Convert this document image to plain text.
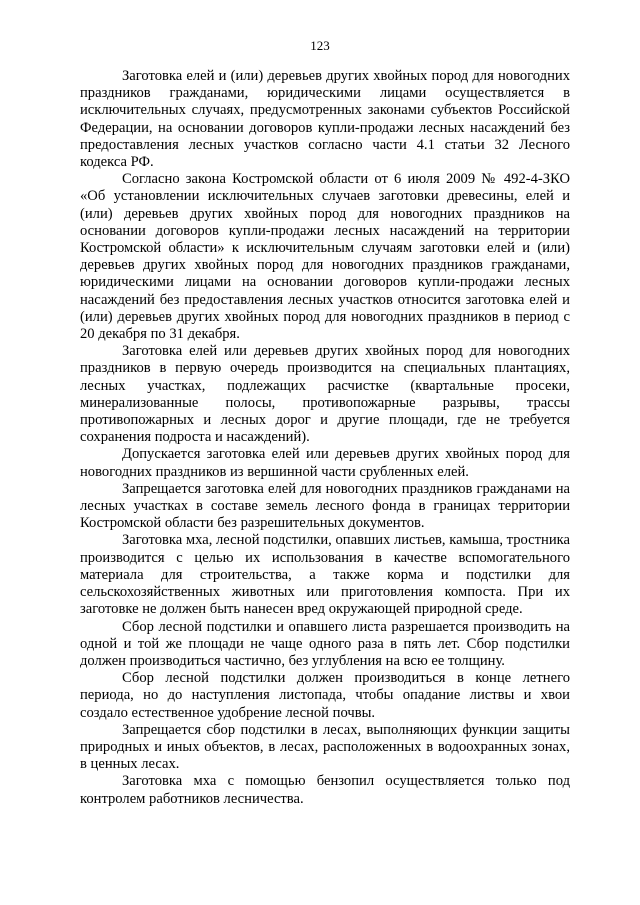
123

Заготовка елей и (или) деревьев других хвойных пород для новогодних праздников гражданами, юридическими лицами осуществляется в исключительных случаях, предусмотренных законами субъектов Российской Федерации, на основании договоров купли-продажи лесных насаждений без предоставления лесных участков согласно части 4.1 статьи 32 Лесного кодекса РФ.

Согласно закона Костромской области от 6 июля 2009 № 492-4-ЗКО «Об установлении исключительных случаев заготовки древесины, елей и (или) деревьев других хвойных пород для новогодних праздников на основании договоров купли-продажи лесных насаждений на территории Костромской области» к исключительным случаям заготовки елей и (или) деревьев других хвойных пород для новогодних праздников гражданами, юридическими лицами на основании договоров купли-продажи лесных насаждений без предоставления лесных участков относится заготовка елей и (или) деревьев других хвойных пород для новогодних праздников в период с 20 декабря по 31 декабря.

Заготовка елей или деревьев других хвойных пород для новогодних праздников в первую очередь производится на специальных плантациях, лесных участках, подлежащих расчистке (квартальные просеки, минерализованные полосы, противопожарные разрывы, трассы противопожарных и лесных дорог и другие площади, где не требуется сохранения подроста и насаждений).

Допускается заготовка елей или деревьев других хвойных пород для новогодних праздников из вершинной части срубленных елей.

Запрещается заготовка елей для новогодних праздников гражданами на лесных участках в составе земель лесного фонда в границах территории Костромской области без разрешительных документов.

Заготовка мха, лесной подстилки, опавших листьев, камыша, тростника производится с целью их использования в качестве вспомогательного материала для строительства, а также корма и подстилки для сельскохозяйственных животных или приготовления компоста. При их заготовке не должен быть нанесен вред окружающей природной среде.

Сбор лесной подстилки и опавшего листа разрешается производить на одной и той же площади не чаще одного раза в пять лет. Сбор подстилки должен производиться частично, без углубления на всю ее толщину.

Сбор лесной подстилки должен производиться в конце летнего периода, но до наступления листопада, чтобы опадание листвы и хвои создало естественное удобрение лесной почвы.

Запрещается сбор подстилки в лесах, выполняющих функции защиты природных и иных объектов, в лесах, расположенных в водоохранных зонах, в ценных лесах.

Заготовка мха с помощью бензопил осуществляется только под контролем работников лесничества.
